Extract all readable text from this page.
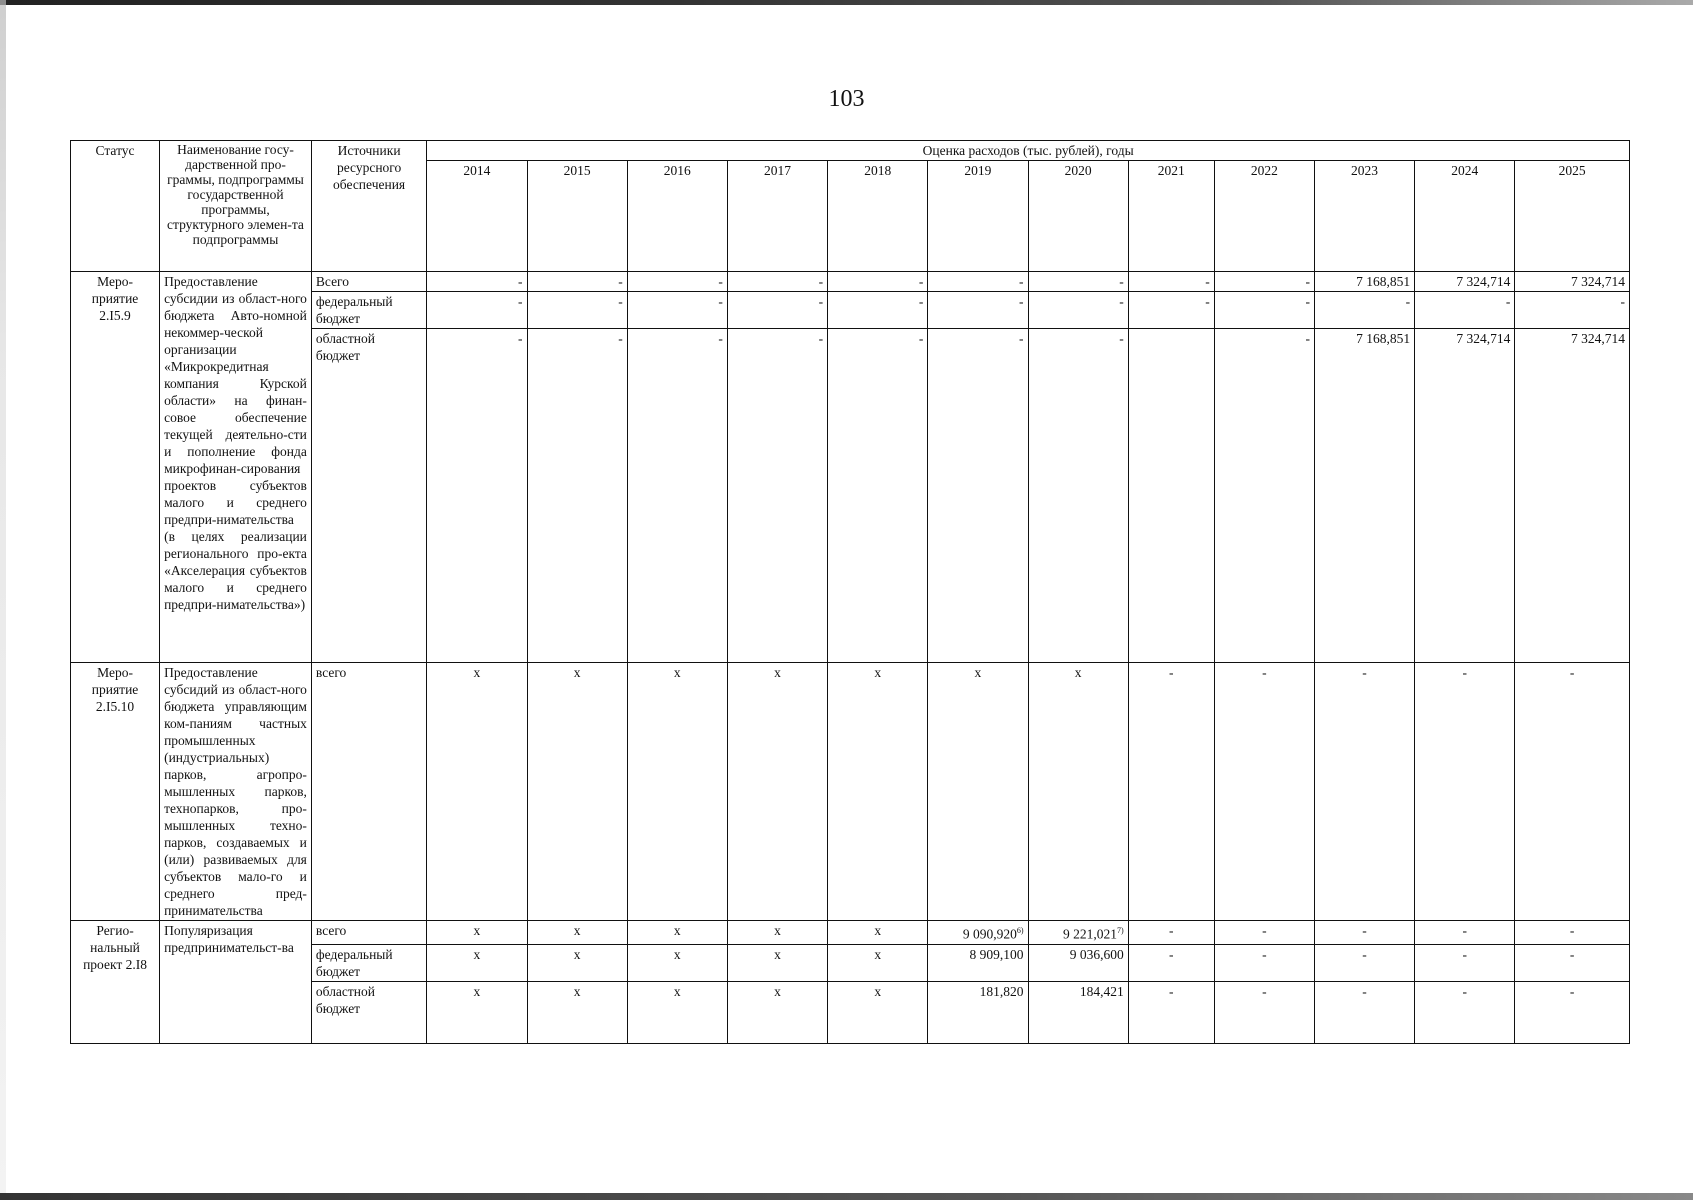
103
Статус	Наименование госу-дарственной про-граммы, подпрограммы государственной программы, структурного элемен-та подпрограммы	Источники ресурсного обеспечения	Оценка расходов (тыс. рублей), годы											
			2014	2015	2016	2017	2018	2019	2020	2021	2022	2023	2024	2025
Меро-приятие 2.I5.9	Предоставление субсидии из област-ного бюджета Авто-номной некоммер-ческой организации «Микрокредитная компания Курской области» на финан-совое обеспечение текущей деятельно-сти и пополнение фонда микрофинан-сирования проектов субъектов малого и среднего предпри-нимательства (в целях реализации регионального про-екта «Акселерация субъектов малого и среднего предпри-нимательства»)	Всего	-	-	-	-	-	-	-	-	-	7 168,851	7 324,714	7 324,714
		федеральный бюджет	-	-	-	-	-	-	-	-	-	-	-	-
		областной бюджет	-	-	-	-	-	-	-		-	7 168,851	7 324,714	7 324,714
Меро-приятие 2.I5.10	Предоставление субсидий из област-ного бюджета управляющим ком-паниям частных промышленных (индустриальных) парков, агропро-мышленных парков, технопарков, про-мышленных техно-парков, создаваемых и (или) развиваемых для субъектов мало-го и среднего пред-принимательства	всего	x	x	x	x	x	x	x	-	-	-	-	-
Регио-нальный проект 2.I8	Популяризация предпринимательст-ва	всего	x	x	x	x	x	9 090,920$^{6)}$	9 221,021$^{7)}$	-	-	-	-	-
		федеральный бюджет	x	x	x	x	x	8 909,100	9 036,600	-	-	-	-	-
		областной бюджет	x	x	x	x	x	181,820	184,421	-	-	-	-	-
